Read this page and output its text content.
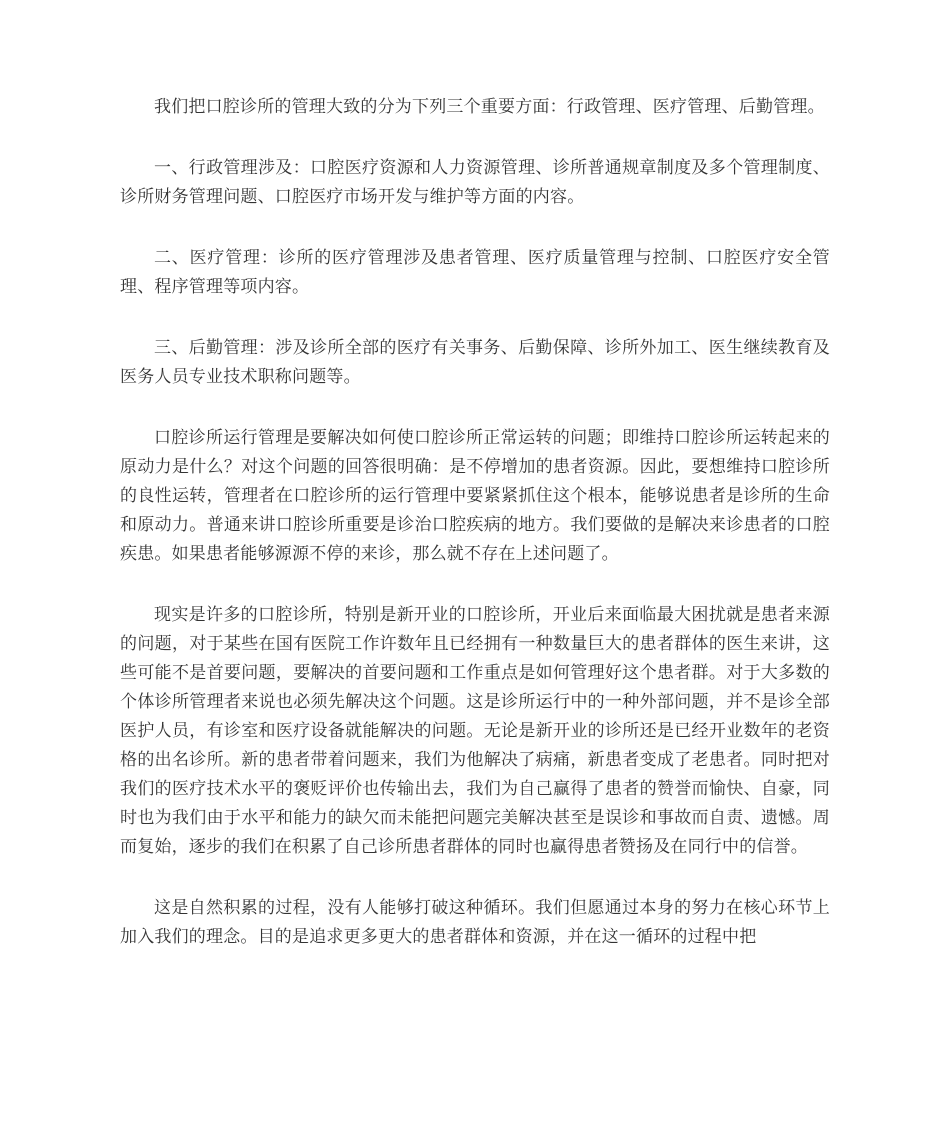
我们把口腔诊所的管理大致的分为下列三个重要方面：行政管理、医疗管理、后勤管理。

一、行政管理涉及：口腔医疗资源和人力资源管理、诊所普通规章制度及多个管理制度、诊所财务管理问题、口腔医疗市场开发与维护等方面的内容。

二、医疗管理：诊所的医疗管理涉及患者管理、医疗质量管理与控制、口腔医疗安全管理、程序管理等项内容。

三、后勤管理：涉及诊所全部的医疗有关事务、后勤保障、诊所外加工、医生继续教育及医务人员专业技术职称问题等。

口腔诊所运行管理是要解决如何使口腔诊所正常运转的问题；即维持口腔诊所运转起来的原动力是什么？对这个问题的回答很明确：是不停增加的患者资源。因此，要想维持口腔诊所的良性运转，管理者在口腔诊所的运行管理中要紧紧抓住这个根本，能够说患者是诊所的生命和原动力。普通来讲口腔诊所重要是诊治口腔疾病的地方。我们要做的是解决来诊患者的口腔疾患。如果患者能够源源不停的来诊，那么就不存在上述问题了。

现实是许多的口腔诊所，特别是新开业的口腔诊所，开业后来面临最大困扰就是患者来源的问题，对于某些在国有医院工作许数年且已经拥有一种数量巨大的患者群体的医生来讲，这些可能不是首要问题，要解决的首要问题和工作重点是如何管理好这个患者群。对于大多数的个体诊所管理者来说也必须先解决这个问题。这是诊所运行中的一种外部问题，并不是诊全部医护人员，有诊室和医疗设备就能解决的问题。无论是新开业的诊所还是已经开业数年的老资格的出名诊所。新的患者带着问题来，我们为他解决了病痛，新患者变成了老患者。同时把对我们的医疗技术水平的褒贬评价也传输出去，我们为自己赢得了患者的赞誉而愉快、自豪，同时也为我们由于水平和能力的缺欠而未能把问题完美解决甚至是误诊和事故而自责、遗憾。周而复始，逐步的我们在积累了自己诊所患者群体的同时也赢得患者赞扬及在同行中的信誉。

这是自然积累的过程，没有人能够打破这种循环。我们但愿通过本身的努力在核心环节上加入我们的理念。目的是追求更多更大的患者群体和资源，并在这一循环的过程中把
